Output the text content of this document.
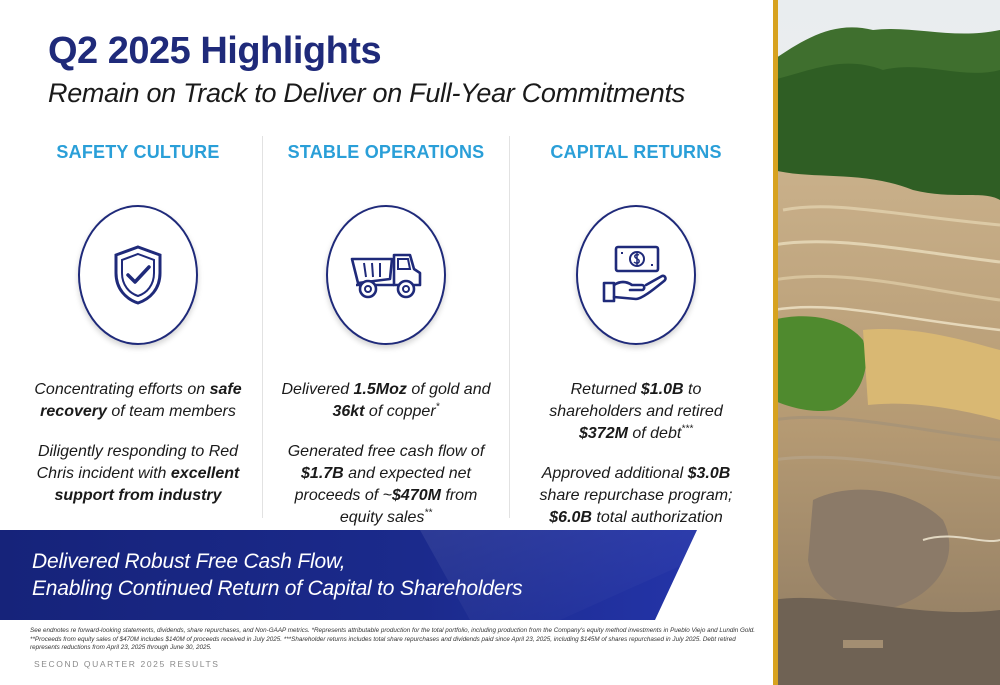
Q2 2025 Highlights
Remain on Track to Deliver on Full-Year Commitments
SAFETY CULTURE
Concentrating efforts on safe recovery of team members
Diligently responding to Red Chris incident with excellent support from industry
STABLE OPERATIONS
Delivered 1.5Moz of gold and 36kt of copper*
Generated free cash flow of $1.7B and expected net proceeds of ~$470M from equity sales**
CAPITAL RETURNS
Returned $1.0B to shareholders and retired $372M of debt***
Approved additional $3.0B share repurchase program; $6.0B total authorization
Delivered Robust Free Cash Flow,
Enabling Continued Return of Capital to Shareholders
See endnotes re forward-looking statements, dividends, share repurchases, and Non-GAAP metrics. *Represents attributable production for the total portfolio, including production from the Company's equity method investments in Pueblo Viejo and Lundin Gold. **Proceeds from equity sales of $470M includes $140M of proceeds received in July 2025. ***Shareholder returns includes total share repurchases and dividends paid since April 23, 2025, including $145M of shares repurchased in July 2025. Debt retired represents reductions from April 23, 2025 through June 30, 2025.
SECOND QUARTER 2025 RESULTS
